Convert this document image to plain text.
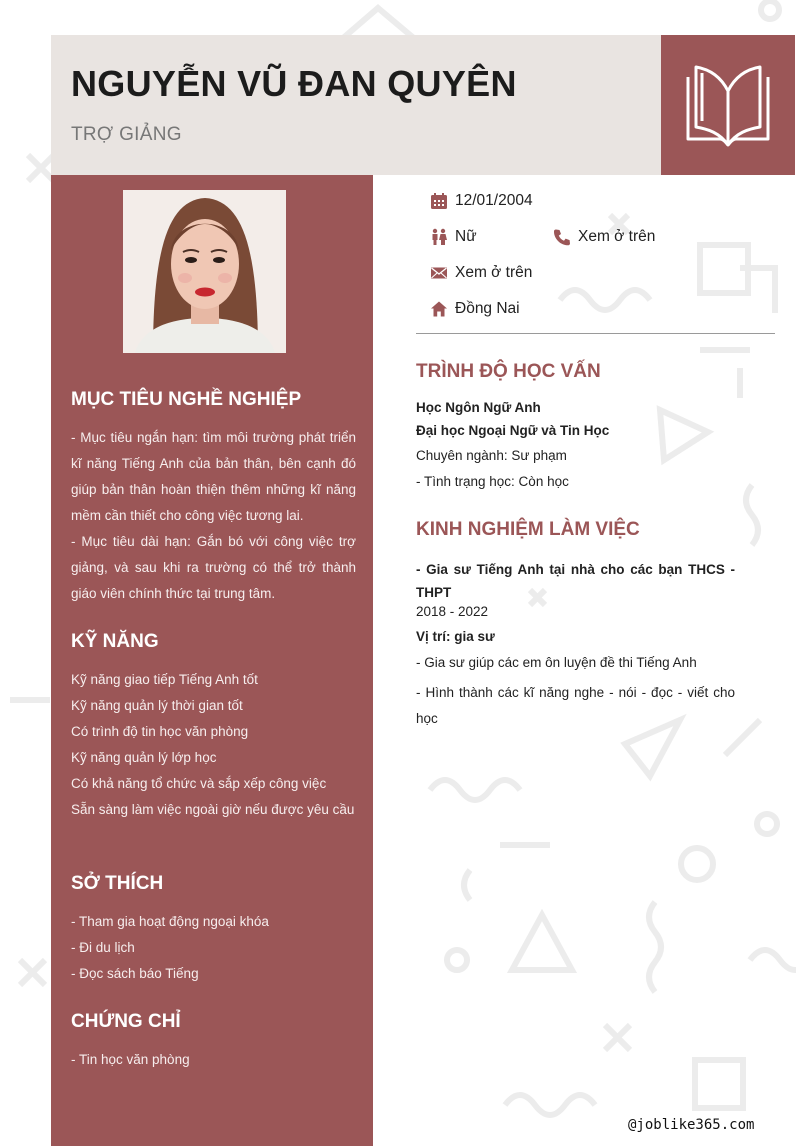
NGUYỄN VŨ ĐAN QUYÊN
TRỢ GIẢNG
MỤC TIÊU NGHỀ NGHIỆP
- Mục tiêu ngắn hạn: tìm môi trường phát triển kĩ năng Tiếng Anh của bản thân, bên cạnh đó giúp bản thân hoàn thiện thêm những kĩ năng mềm cần thiết cho công việc tương lai.
- Mục tiêu dài hạn: Gắn bó với công việc trợ giảng, và sau khi ra trường có thể trở thành giáo viên chính thức tại trung tâm.
KỸ NĂNG
Kỹ năng giao tiếp Tiếng Anh tốt
Kỹ năng quản lý thời gian tốt
Có trình độ tin học văn phòng
Kỹ năng quản lý lớp học
Có khả năng tổ chức và sắp xếp công việc
Sẵn sàng làm việc ngoài giờ nếu được yêu cầu
SỞ THÍCH
- Tham gia hoạt động ngoại khóa
- Đi du lịch
- Đọc sách báo Tiếng
CHỨNG CHỈ
- Tin học văn phòng
12/01/2004
Nữ	Xem ở trên
Xem ở trên
Đồng Nai
TRÌNH ĐỘ HỌC VẤN
Học Ngôn Ngữ Anh
Đại học Ngoại Ngữ và Tin Học
Chuyên ngành: Sư phạm
- Tình trạng học: Còn học
KINH NGHIỆM LÀM VIỆC
- Gia sư Tiếng Anh tại nhà cho các bạn THCS - THPT
2018 - 2022
Vị trí: gia sư
- Gia sư giúp các em ôn luyện đề thi Tiếng Anh
- Hình thành các kĩ năng nghe - nói - đọc - viết cho học
@joblike365.com
